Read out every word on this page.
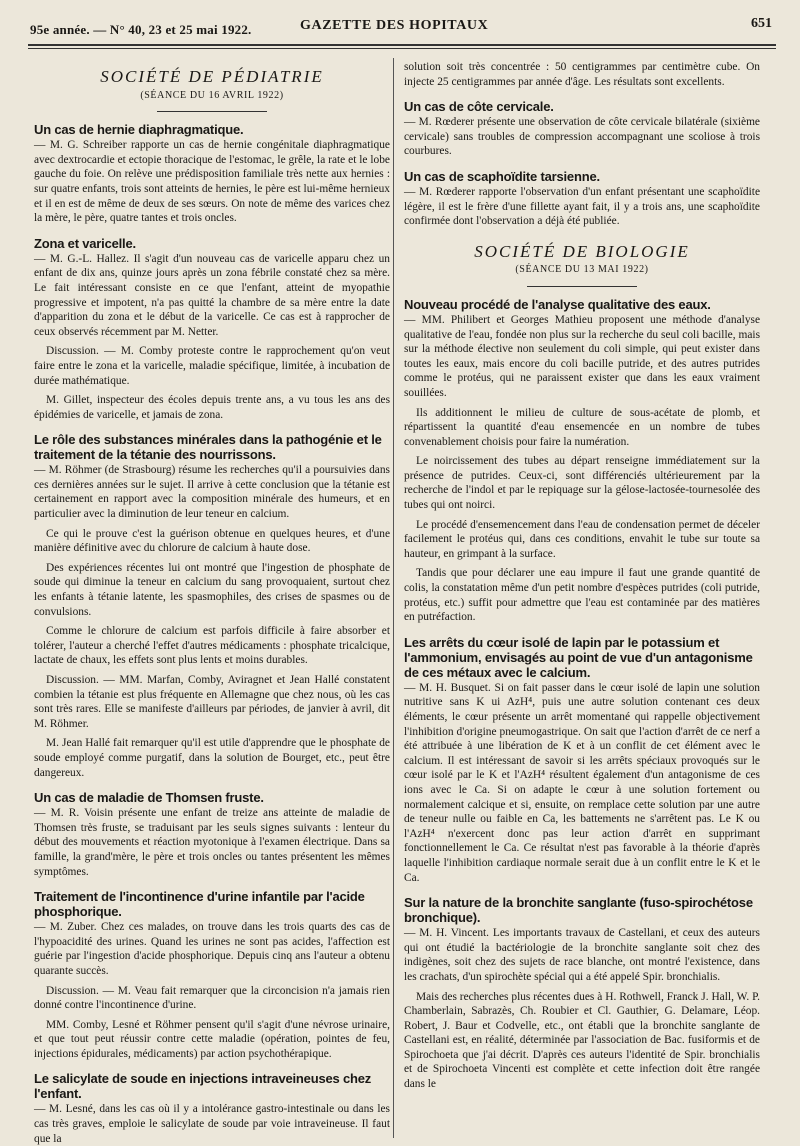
95e année. — N° 40, 23 et 25 mai 1922.	GAZETTE DES HOPITAUX	651
SOCIÉTÉ DE PÉDIATRIE
(SÉANCE DU 16 AVRIL 1922)
Un cas de hernie diaphragmatique.

— M. G. Schreiber rapporte un cas de hernie congénitale diaphragmatique avec dextrocardie et ectopie thoracique de l'estomac, le grêle, la rate et le lobe gauche du foie. On relève une prédisposition familiale très nette aux hernies : sur quatre enfants, trois sont atteints de hernies, le père est lui-même hernieux et il en est de même de deux de ses sœurs. On note de même des varices chez la mère, le père, quatre tantes et trois oncles.

Zona et varicelle.

— M. G.-L. Hallez. Il s'agit d'un nouveau cas de varicelle apparu chez un enfant de dix ans, quinze jours après un zona fébrile constaté chez sa mère. Le fait intéressant consiste en ce que l'enfant, atteint de myopathie progressive et impotent, n'a pas quitté la chambre de sa mère entre la date d'apparition du zona et le début de la varicelle. Ce cas est à rapprocher de ceux observés récemment par M. Netter.

Discussion. — M. Comby proteste contre le rapprochement qu'on veut faire entre le zona et la varicelle, maladie spécifique, limitée, à incubation de durée mathématique.

M. Gillet, inspecteur des écoles depuis trente ans, a vu tous les ans des épidémies de varicelle, et jamais de zona.

Le rôle des substances minérales dans la pathogénie et le traitement de la tétanie des nourrissons.

— M. Röhmer (de Strasbourg) résume les recherches qu'il a poursuivies dans ces dernières années sur le sujet. Il arrive à cette conclusion que la tétanie est certainement en rapport avec la composition minérale des humeurs, et en particulier avec la diminution de leur teneur en calcium.

Ce qui le prouve c'est la guérison obtenue en quelques heures, et d'une manière définitive avec du chlorure de calcium à haute dose.

Des expériences récentes lui ont montré que l'ingestion de phosphate de soude qui diminue la teneur en calcium du sang provoquaient, surtout chez les enfants à tétanie latente, les spasmophiles, des crises de spasmes ou de convulsions.

Comme le chlorure de calcium est parfois difficile à faire absorber et tolérer, l'auteur a cherché l'effet d'autres médicaments : phosphate tricalcique, lactate de chaux, les effets sont plus lents et moins durables.

Discussion. — MM. Marfan, Comby, Aviragnet et Jean Hallé constatent combien la tétanie est plus fréquente en Allemagne que chez nous, où les cas sont très rares. Elle se manifeste d'ailleurs par périodes, de janvier à avril, dit M. Röhmer.

M. Jean Hallé fait remarquer qu'il est utile d'apprendre que le phosphate de soude employé comme purgatif, dans la solution de Bourget, etc., peut être dangereux.

Un cas de maladie de Thomsen fruste.

— M. R. Voisin présente une enfant de treize ans atteinte de maladie de Thomsen très fruste, se traduisant par les seuls signes suivants : lenteur du début des mouvements et réaction myotonique à l'examen électrique. Dans sa famille, la grand'mère, le père et trois oncles ou tantes présentent les mêmes symptômes.

Traitement de l'incontinence d'urine infantile par l'acide phosphorique.

— M. Zuber. Chez ces malades, on trouve dans les trois quarts des cas de l'hypoacidité des urines. Quand les urines ne sont pas acides, l'affection est guérie par l'ingestion d'acide phosphorique. Depuis cinq ans l'auteur a obtenu quarante succès.

Discussion. — M. Veau fait remarquer que la circoncision n'a jamais rien donné contre l'incontinence d'urine.

MM. Comby, Lesné et Röhmer pensent qu'il s'agit d'une névrose urinaire, et que tout peut réussir contre cette maladie (opération, pointes de feu, injections épidurales, médicaments) par action psychothérapique.

Le salicylate de soude en injections intraveineuses chez l'enfant.

— M. Lesné, dans les cas où il y a intolérance gastro-intestinale ou dans les cas très graves, emploie le salicylate de soude par voie intraveineuse. Il faut que la

solution soit très concentrée : 50 centigrammes par centimètre cube. On injecte 25 centigrammes par année d'âge. Les résultats sont excellents.

Un cas de côte cervicale.

— M. Rœderer présente une observation de côte cervicale bilatérale (sixième cervicale) sans troubles de compression accompagnant une scoliose à trois courbures.

Un cas de scaphoïdite tarsienne.

— M. Rœderer rapporte l'observation d'un enfant présentant une scaphoïdite légère, il est le frère d'une fillette ayant fait, il y a trois ans, une scaphoïdite confirmée dont l'observation a déjà été publiée.

SOCIÉTÉ DE BIOLOGIE
(SÉANCE DU 13 MAI 1922)
Nouveau procédé de l'analyse qualitative des eaux.

— MM. Philibert et Georges Mathieu proposent une méthode d'analyse qualitative de l'eau, fondée non plus sur la recherche du seul coli bacille, mais sur la méthode élective non seulement du coli simple, qui peut exister dans toutes les eaux, mais encore du coli bacille putride, et des autres putrides comme le protéus, qui ne paraissent exister que dans les eaux vraiment souillées.

Ils additionnent le milieu de culture de sous-acétate de plomb, et répartissent la quantité d'eau ensemencée en un nombre de tubes convenablement choisis pour faire la numération.

Le noircissement des tubes au départ renseigne immédiatement sur la présence de putrides. Ceux-ci, sont différenciés ultérieurement par la recherche de l'indol et par le repiquage sur la gélose-lactosée-tournesolée des tubes qui ont noirci.

Le procédé d'ensemencement dans l'eau de condensation permet de déceler facilement le protéus qui, dans ces conditions, envahit le tube sur toute sa hauteur, en grimpant à la surface.

Tandis que pour déclarer une eau impure il faut une grande quantité de colis, la constatation même d'un petit nombre d'espèces putrides (coli putride, protéus, etc.) suffit pour admettre que l'eau est contaminée par des matières en putréfaction.

Les arrêts du cœur isolé de lapin par le potassium et l'ammonium, envisagés au point de vue d'un antagonisme de ces métaux avec le calcium.

— M. H. Busquet. Si on fait passer dans le cœur isolé de lapin une solution nutritive sans K ui AzH⁴, puis une autre solution contenant ces deux éléments, le cœur présente un arrêt momentané qui rappelle objectivement l'inhibition d'origine pneumogastrique. On sait que l'action d'arrêt de ce nerf a été attribuée à une libération de K et à un conflit de cet élément avec le calcium. Il est intéressant de savoir si les arrêts spéciaux provoqués sur le cœur isolé par le K et l'AzH⁴ résultent également d'un antagonisme de ces ions avec le Ca. Si on adapte le cœur à une solution fortement ou normalement calcique et si, ensuite, on remplace cette solution par une autre de teneur nulle ou faible en Ca, les battements ne s'arrêtent pas. Le K ou l'AzH⁴ n'exercent donc pas leur action d'arrêt en supprimant fonctionnellement le Ca. Ce résultat n'est pas favorable à la théorie d'après laquelle l'inhibition cardiaque normale serait due à un conflit entre le K et le Ca.

Sur la nature de la bronchite sanglante (fuso-spirochétose bronchique).

— M. H. Vincent. Les importants travaux de Castellani, et ceux des auteurs qui ont étudié la bactériologie de la bronchite sanglante soit chez des indigènes, soit chez des sujets de race blanche, ont montré l'existence, dans les crachats, d'un spirochète spécial qui a été appelé Spir. bronchialis.

Mais des recherches plus récentes dues à H. Rothwell, Franck J. Hall, W. P. Chamberlain, Sabrazès, Ch. Roubier et Cl. Gauthier, G. Delamare, Léop. Robert, J. Baur et Codvelle, etc., ont établi que la bronchite sanglante de Castellani est, en réalité, déterminée par l'association de Bac. fusiformis et de Spirochoeta que j'ai décrit. D'après ces auteurs l'identité de Spir. bronchialis et de Spirochoeta Vincenti est complète et cette infection doit être rangée dans le
